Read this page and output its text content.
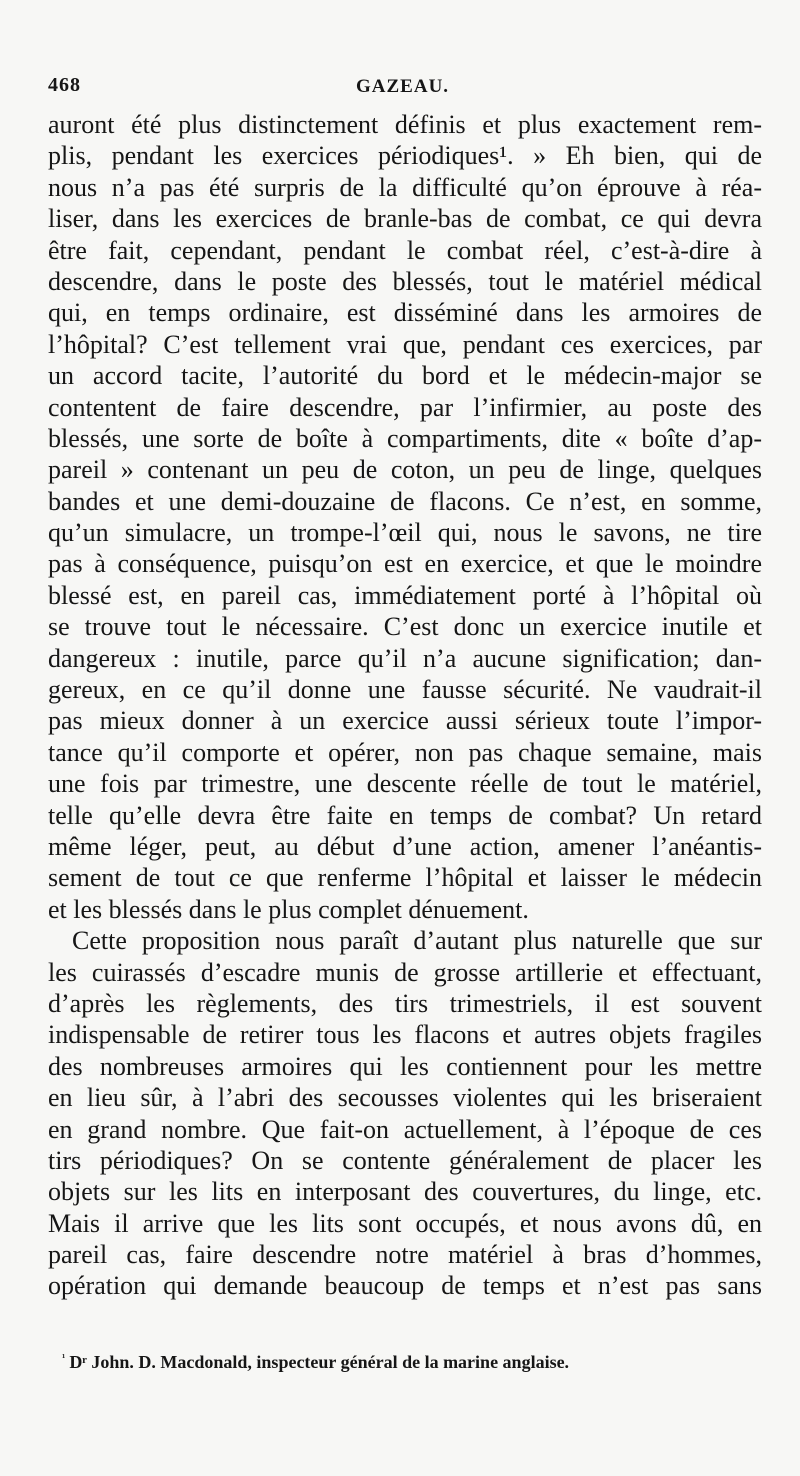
468	GAZEAU.
auront été plus distinctement définis et plus exactement rem-
plis, pendant les exercices périodiques¹. » Eh bien, qui de
nous n’a pas été surpris de la difficulté qu’on éprouve à réa-
liser, dans les exercices de branle-bas de combat, ce qui devra
être fait, cependant, pendant le combat réel, c’est-à-dire à
descendre, dans le poste des blessés, tout le matériel médical
qui, en temps ordinaire, est disséminé dans les armoires de
l’hôpital? C’est tellement vrai que, pendant ces exercices, par
un accord tacite, l’autorité du bord et le médecin-major se
contentent de faire descendre, par l’infirmier, au poste des
blessés, une sorte de boîte à compartiments, dite « boîte d’ap-
pareil » contenant un peu de coton, un peu de linge, quelques
bandes et une demi-douzaine de flacons. Ce n’est, en somme,
qu’un simulacre, un trompe-l’œil qui, nous le savons, ne tire
pas à conséquence, puisqu’on est en exercice, et que le moindre
blessé est, en pareil cas, immédiatement porté à l’hôpital où
se trouve tout le nécessaire. C’est donc un exercice inutile et
dangereux : inutile, parce qu’il n’a aucune signification; dan-
gereux, en ce qu’il donne une fausse sécurité. Ne vaudrait-il
pas mieux donner à un exercice aussi sérieux toute l’impor-
tance qu’il comporte et opérer, non pas chaque semaine, mais
une fois par trimestre, une descente réelle de tout le matériel,
telle qu’elle devra être faite en temps de combat? Un retard
même léger, peut, au début d’une action, amener l’anéantis-
sement de tout ce que renferme l’hôpital et laisser le médecin
et les blessés dans le plus complet dénuement.
Cette proposition nous paraît d’autant plus naturelle que sur
les cuirassés d’escadre munis de grosse artillerie et effectuant,
d’après les règlements, des tirs trimestriels, il est souvent
indispensable de retirer tous les flacons et autres objets fragiles
des nombreuses armoires qui les contiennent pour les mettre
en lieu sûr, à l’abri des secousses violentes qui les briseraient
en grand nombre. Que fait-on actuellement, à l’époque de ces
tirs périodiques? On se contente généralement de placer les
objets sur les lits en interposant des couvertures, du linge, etc.
Mais il arrive que les lits sont occupés, et nous avons dû, en
pareil cas, faire descendre notre matériel à bras d’hommes,
opération qui demande beaucoup de temps et n’est pas sans
$^{^1}$ Dʳ John. D. Macdonald, inspecteur général de la marine anglaise.
